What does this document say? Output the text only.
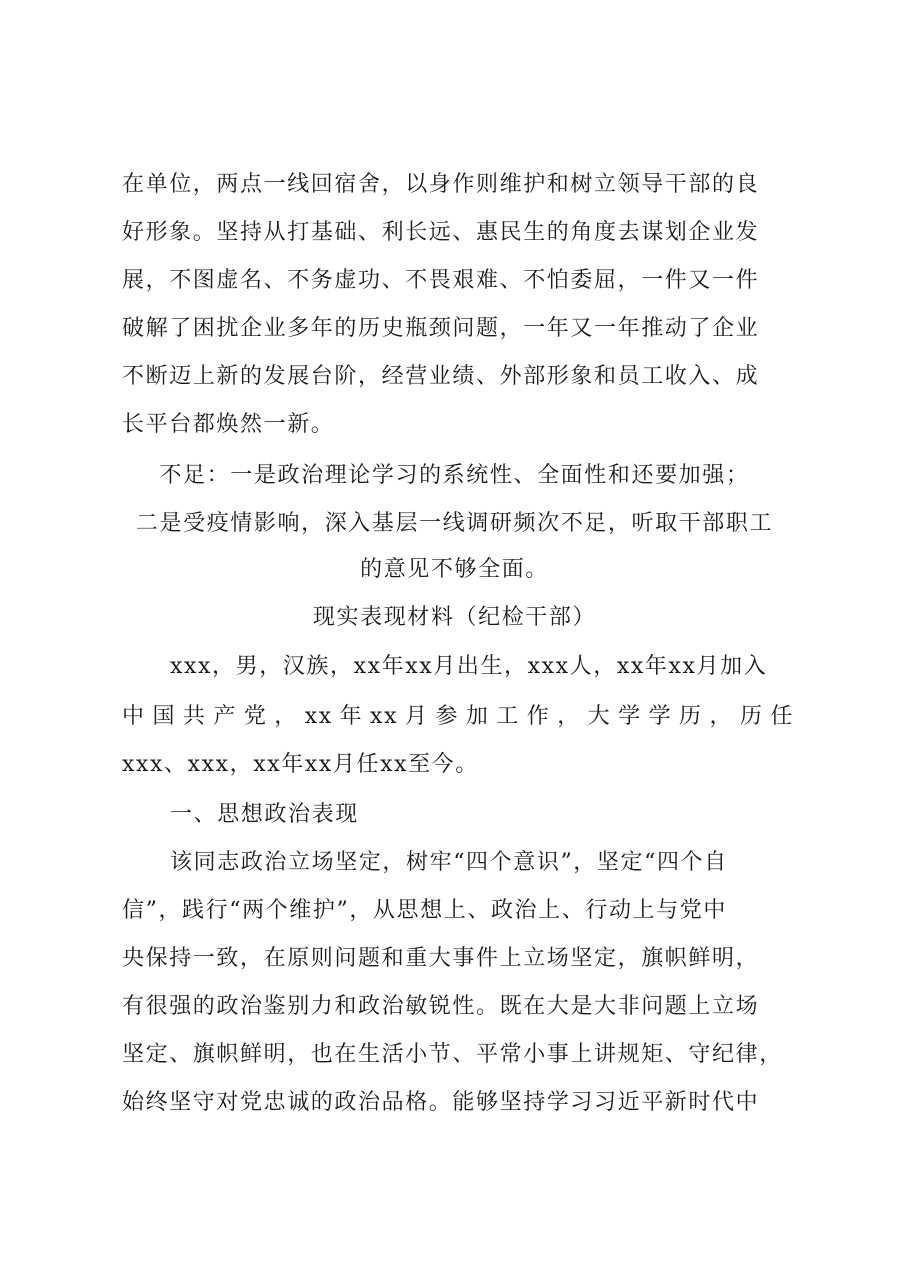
在单位，两点一线回宿舍，以身作则维护和树立领导干部的良
好形象。坚持从打基础、利长远、惠民生的角度去谋划企业发
展，不图虚名、不务虚功、不畏艰难、不怕委屈，一件又一件
破解了困扰企业多年的历史瓶颈问题，一年又一年推动了企业
不断迈上新的发展台阶，经营业绩、外部形象和员工收入、成
长平台都焕然一新。
不足：一是政治理论学习的系统性、全面性和还要加强；
二是受疫情影响，深入基层一线调研频次不足，听取干部职工
的意见不够全面。
现实表现材料（纪检干部）
xxx，男，汉族，xx年xx月出生，xxx人，xx年xx月加入
中国共产党，xx年xx月参加工作，大学学历，历任
xxx、xxx，xx年xx月任xx至今。
一、思想政治表现
该同志政治立场坚定，树牢“四个意识”，坚定“四个自
信”，践行“两个维护”，从思想上、政治上、行动上与党中
央保持一致，在原则问题和重大事件上立场坚定，旗帜鲜明，
有很强的政治鉴别力和政治敏锐性。既在大是大非问题上立场
坚定、旗帜鲜明，也在生活小节、平常小事上讲规矩、守纪律，
始终坚守对党忠诚的政治品格。能够坚持学习习近平新时代中
